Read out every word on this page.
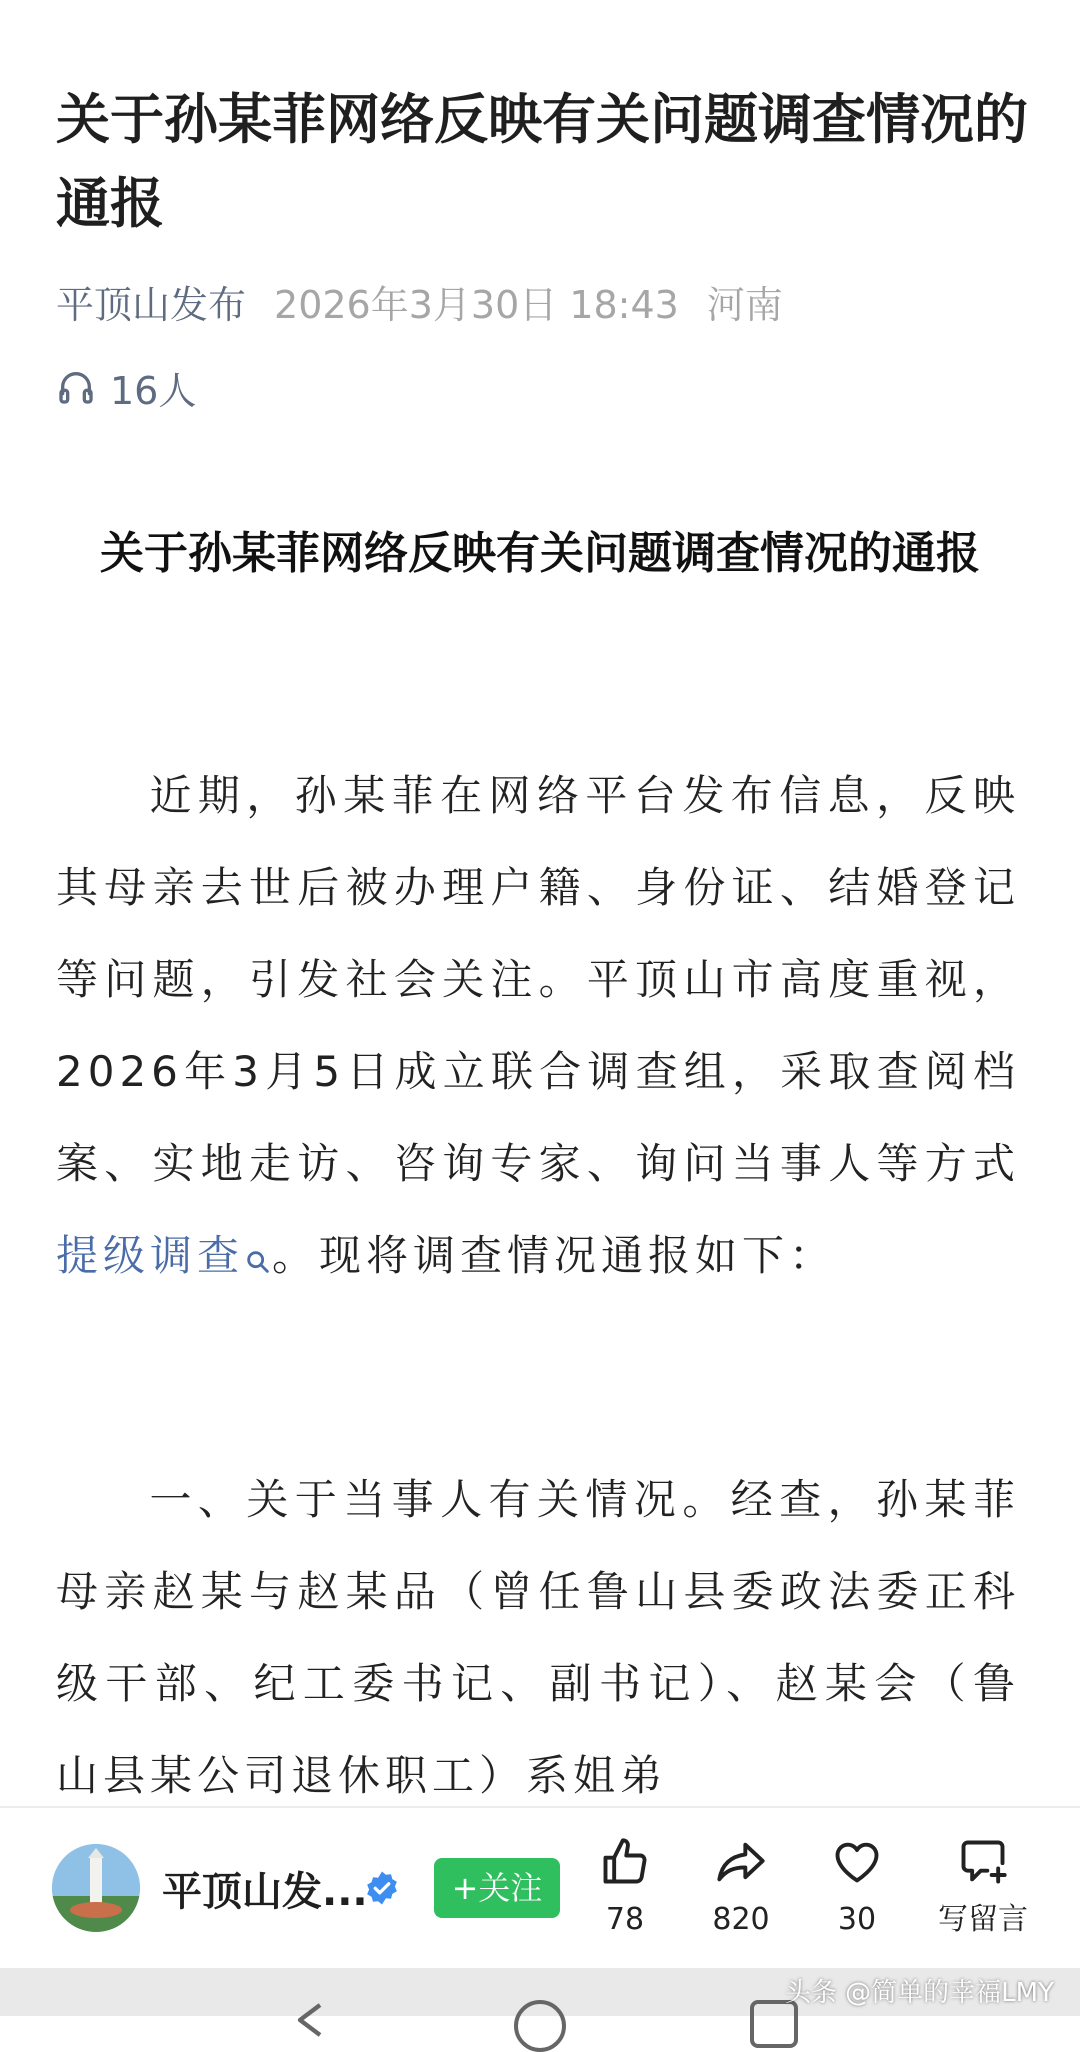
关于孙某菲网络反映有关问题调查情况的通报
平顶山发布 2026年3月30日 18:43 河南
16人
关于孙某菲网络反映有关问题调查情况的通报
近期，孙某菲在网络平台发布信息，反映其母亲去世后被办理户籍、身份证、结婚登记等问题，引发社会关注。平顶山市高度重视，2026年3月5日成立联合调查组，采取查阅档案、实地走访、咨询专家、询问当事人等方式提级调查 。现将调查情况通报如下：
一、关于当事人有关情况。经查，孙某菲母亲赵某与赵某品（曾任鲁山县委政法委正科级干部、纪工委书记、副书记）、赵某会（鲁山县某公司退休职工）系姐弟
平顶山发...	+关注
78	820	30	写留言
头条 @简单的幸福LMY
